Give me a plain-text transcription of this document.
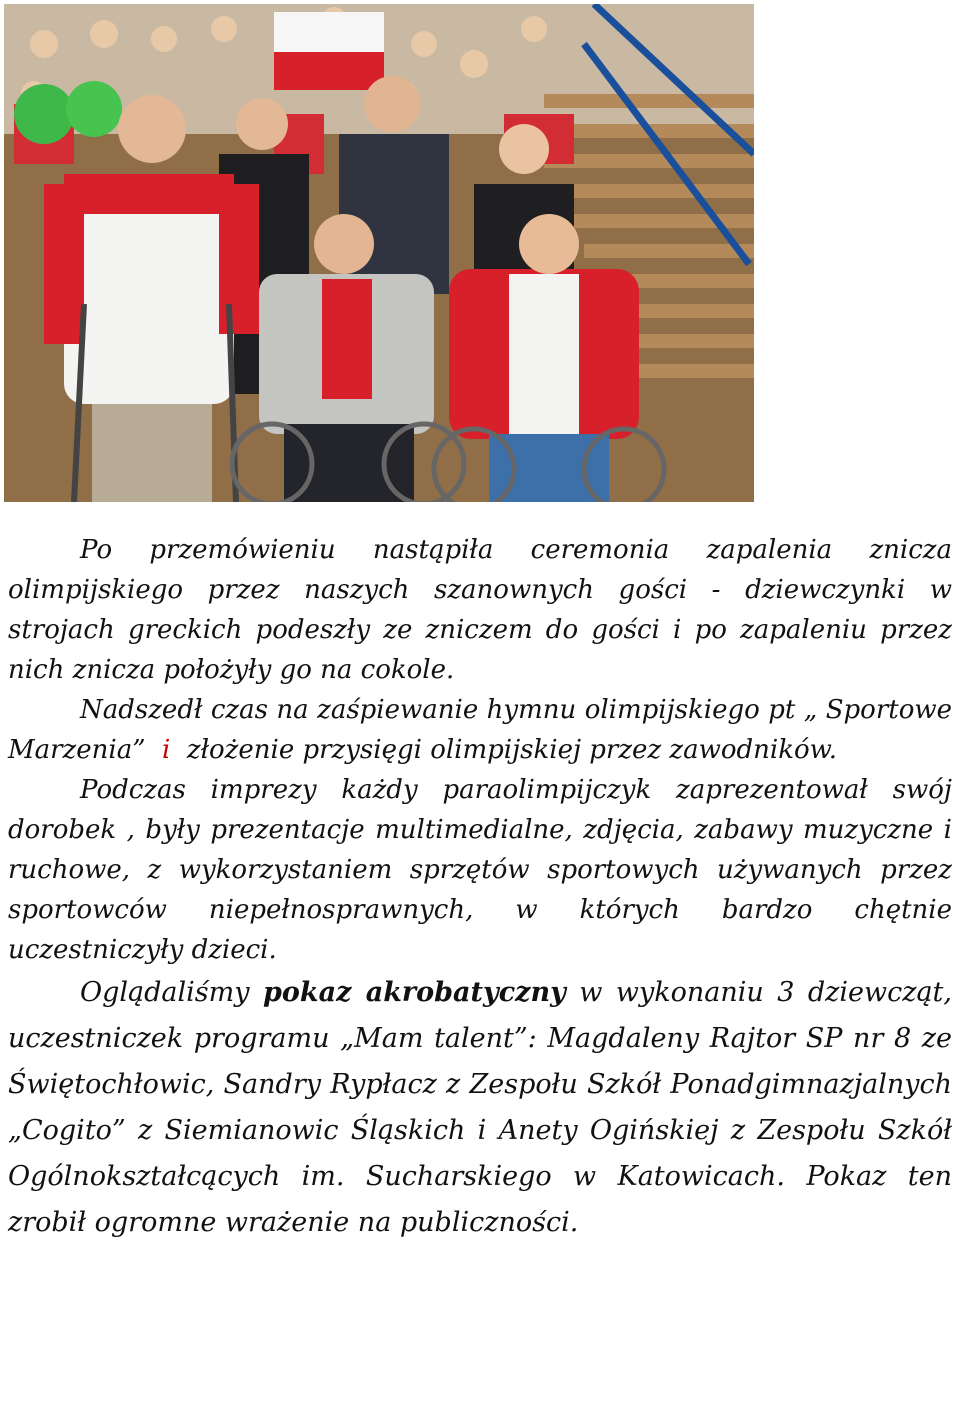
Po przemówieniu nastąpiła ceremonia zapalenia znicza olimpijskiego przez naszych szanownych gości - dziewczynki w strojach greckich podeszły ze zniczem do gości i po zapaleniu przez nich znicza położyły go na cokole.

Nadszedł czas na zaśpiewanie hymnu olimpijskiego pt „ Sportowe Marzenia” i złożenie przysięgi olimpijskiej przez zawodników.

Podczas imprezy każdy paraolimpijczyk zaprezentował swój dorobek , były prezentacje multimedialne, zdjęcia, zabawy muzyczne i ruchowe, z wykorzystaniem sprzętów sportowych używanych przez sportowców niepełnosprawnych, w których bardzo chętnie uczestniczyły dzieci.

Oglądaliśmy pokaz akrobatyczny w wykonaniu 3 dziewcząt, uczestniczek programu „Mam talent”: Magdaleny Rajtor SP nr 8 ze Świętochłowic, Sandry Rypłacz z Zespołu Szkół Ponadgimnazjalnych „Cogito” z Siemianowic Śląskich i Anety Ogińskiej z Zespołu Szkół Ogólnokształcących im. Sucharskiego w Katowicach. Pokaz ten zrobił ogromne wrażenie na publiczności.
